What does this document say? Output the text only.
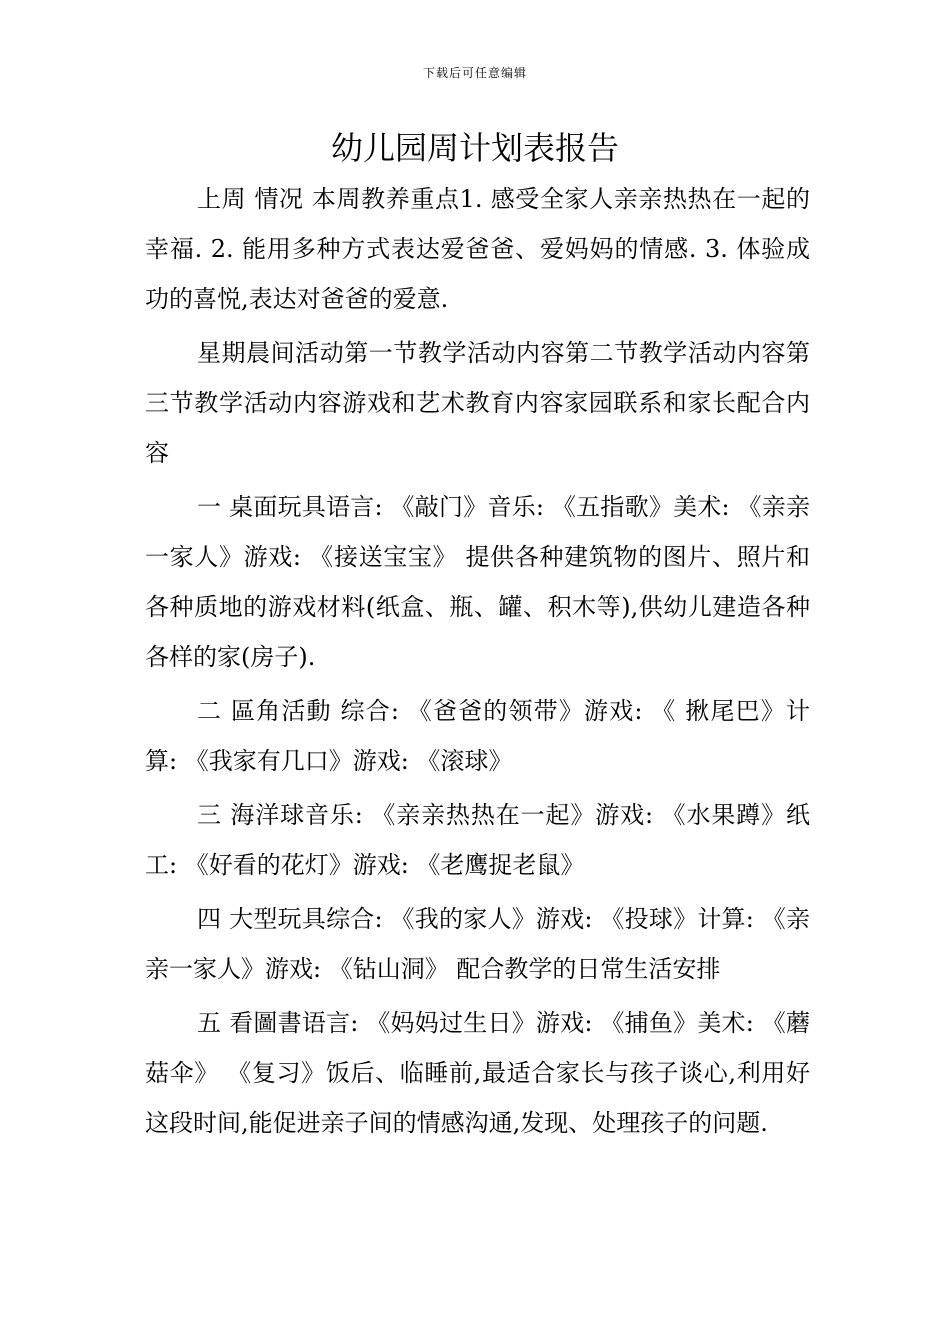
下载后可任意编辑
幼儿园周计划表报告

上周 情况 本周教养重点1. 感受全家人亲亲热热在一起的幸福. 2. 能用多种方式表达爱爸爸、爱妈妈的情感. 3. 体验成功的喜悦,表达对爸爸的爱意.

星期晨间活动第一节教学活动内容第二节教学活动内容第三节教学活动内容游戏和艺术教育内容家园联系和家长配合内容

一 桌面玩具语言: 《敲门》音乐: 《五指歌》美术: 《亲亲一家人》游戏: 《接送宝宝》 提供各种建筑物的图片、照片和各种质地的游戏材料(纸盒、瓶、罐、积木等),供幼儿建造各种各样的家(房子).

二 區角活動 综合: 《爸爸的领带》游戏: 《 揪尾巴》计算: 《我家有几口》游戏: 《滚球》

三 海洋球音乐: 《亲亲热热在一起》游戏: 《水果蹲》纸工: 《好看的花灯》游戏: 《老鹰捉老鼠》

四 大型玩具综合: 《我的家人》游戏: 《投球》计算: 《亲亲一家人》游戏: 《钻山洞》 配合教学的日常生活安排

五 看圖書语言: 《妈妈过生日》游戏: 《捕鱼》美术: 《蘑菇伞》 《复习》饭后、临睡前,最适合家长与孩子谈心,利用好这段时间,能促进亲子间的情感沟通,发现、处理孩子的问题.
